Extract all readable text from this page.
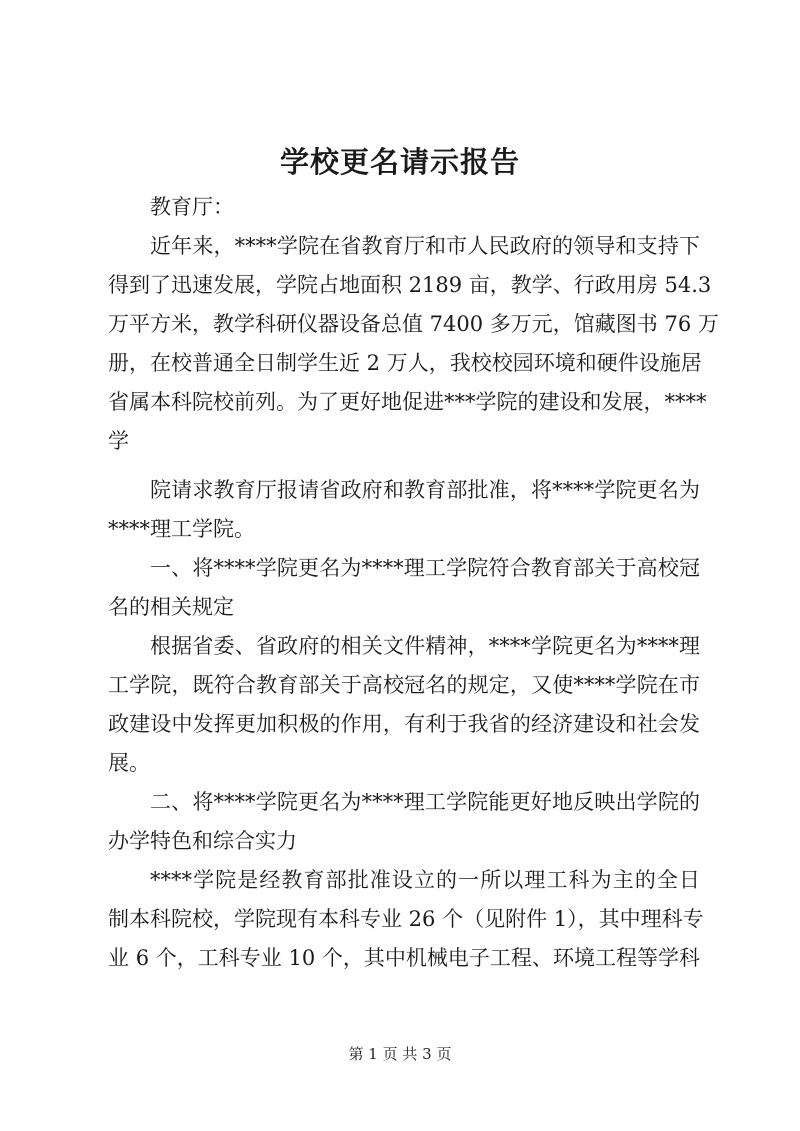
学校更名请示报告
教育厅：
近年来，****学院在省教育厅和市人民政府的领导和支持下
得到了迅速发展，学院占地面积 2189 亩，教学、行政用房 54.3
万平方米，教学科研仪器设备总值 7400 多万元，馆藏图书 76 万
册，在校普通全日制学生近 2 万人，我校校园环境和硬件设施居
省属本科院校前列。为了更好地促进***学院的建设和发展，****
学
院请求教育厅报请省政府和教育部批准，将****学院更名为
****理工学院。
一、将****学院更名为****理工学院符合教育部关于高校冠
名的相关规定
根据省委、省政府的相关文件精神，****学院更名为****理
工学院，既符合教育部关于高校冠名的规定，又使****学院在市
政建设中发挥更加积极的作用，有利于我省的经济建设和社会发
展。
二、将****学院更名为****理工学院能更好地反映出学院的
办学特色和综合实力
****学院是经教育部批准设立的一所以理工科为主的全日
制本科院校，学院现有本科专业 26 个（见附件 1），其中理科专
业 6 个，工科专业 10 个，其中机械电子工程、环境工程等学科
第 1 页 共 3 页
